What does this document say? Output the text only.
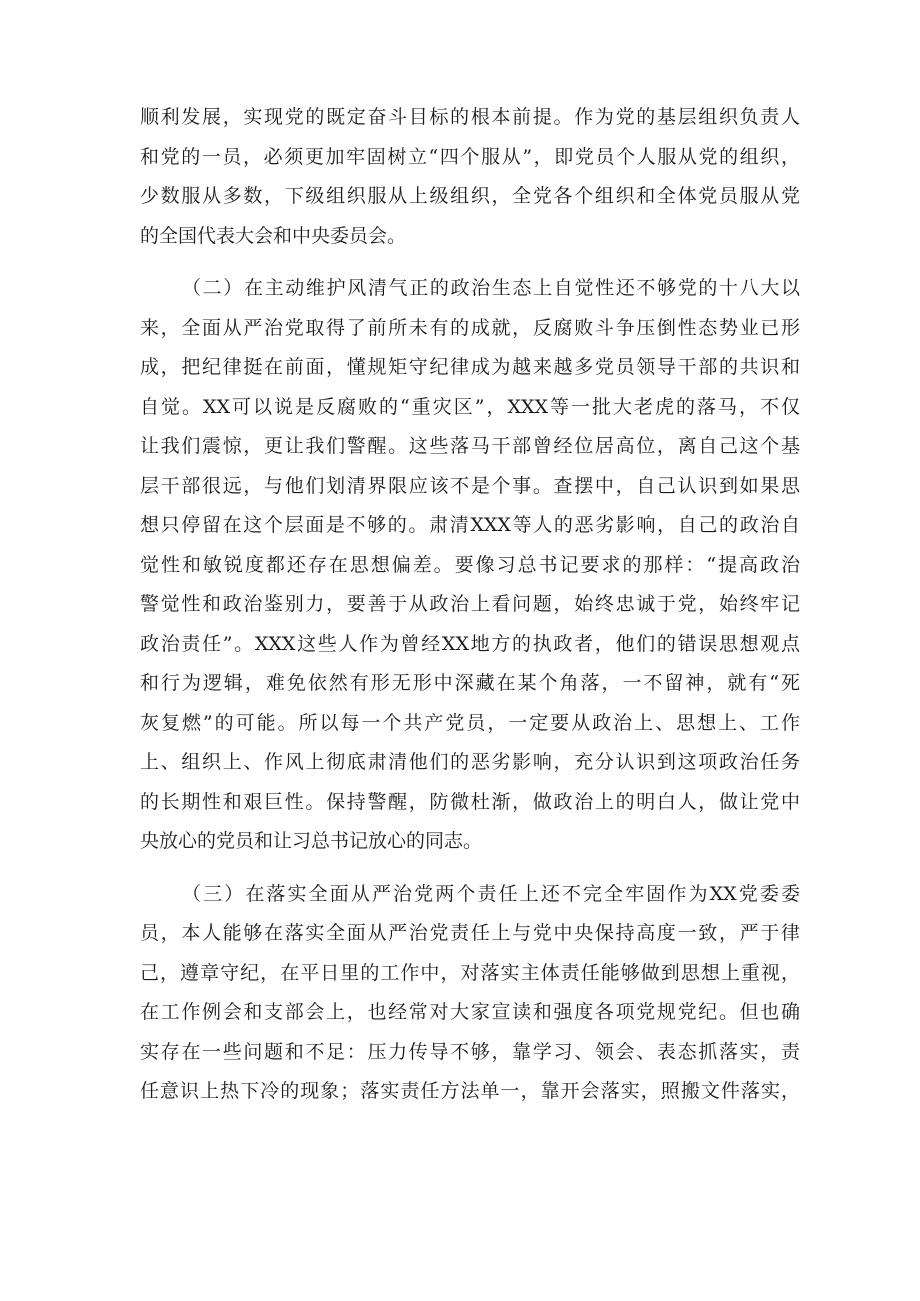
顺利发展，实现党的既定奋斗目标的根本前提。作为党的基层组织负责人
和党的一员，必须更加牢固树立“四个服从”，即党员个人服从党的组织，
少数服从多数，下级组织服从上级组织，全党各个组织和全体党员服从党
的全国代表大会和中央委员会。
（二）在主动维护风清气正的政治生态上自觉性还不够党的十八大以
来，全面从严治党取得了前所未有的成就，反腐败斗争压倒性态势业已形
成，把纪律挺在前面，懂规矩守纪律成为越来越多党员领导干部的共识和
自觉。XX可以说是反腐败的“重灾区”，XXX等一批大老虎的落马，不仅
让我们震惊，更让我们警醒。这些落马干部曾经位居高位，离自己这个基
层干部很远，与他们划清界限应该不是个事。查摆中，自己认识到如果思
想只停留在这个层面是不够的。肃清XXX等人的恶劣影响，自己的政治自
觉性和敏锐度都还存在思想偏差。要像习总书记要求的那样：“提高政治
警觉性和政治鉴别力，要善于从政治上看问题，始终忠诚于党，始终牢记
政治责任”。XXX这些人作为曾经XX地方的执政者，他们的错误思想观点
和行为逻辑，难免依然有形无形中深藏在某个角落，一不留神，就有“死
灰复燃”的可能。所以每一个共产党员，一定要从政治上、思想上、工作
上、组织上、作风上彻底肃清他们的恶劣影响，充分认识到这项政治任务
的长期性和艰巨性。保持警醒，防微杜渐，做政治上的明白人，做让党中
央放心的党员和让习总书记放心的同志。
（三）在落实全面从严治党两个责任上还不完全牢固作为XX党委委
员，本人能够在落实全面从严治党责任上与党中央保持高度一致，严于律
己，遵章守纪，在平日里的工作中，对落实主体责任能够做到思想上重视，
在工作例会和支部会上，也经常对大家宣读和强度各项党规党纪。但也确
实存在一些问题和不足：压力传导不够，靠学习、领会、表态抓落实，责
任意识上热下冷的现象；落实责任方法单一，靠开会落实，照搬文件落实，
